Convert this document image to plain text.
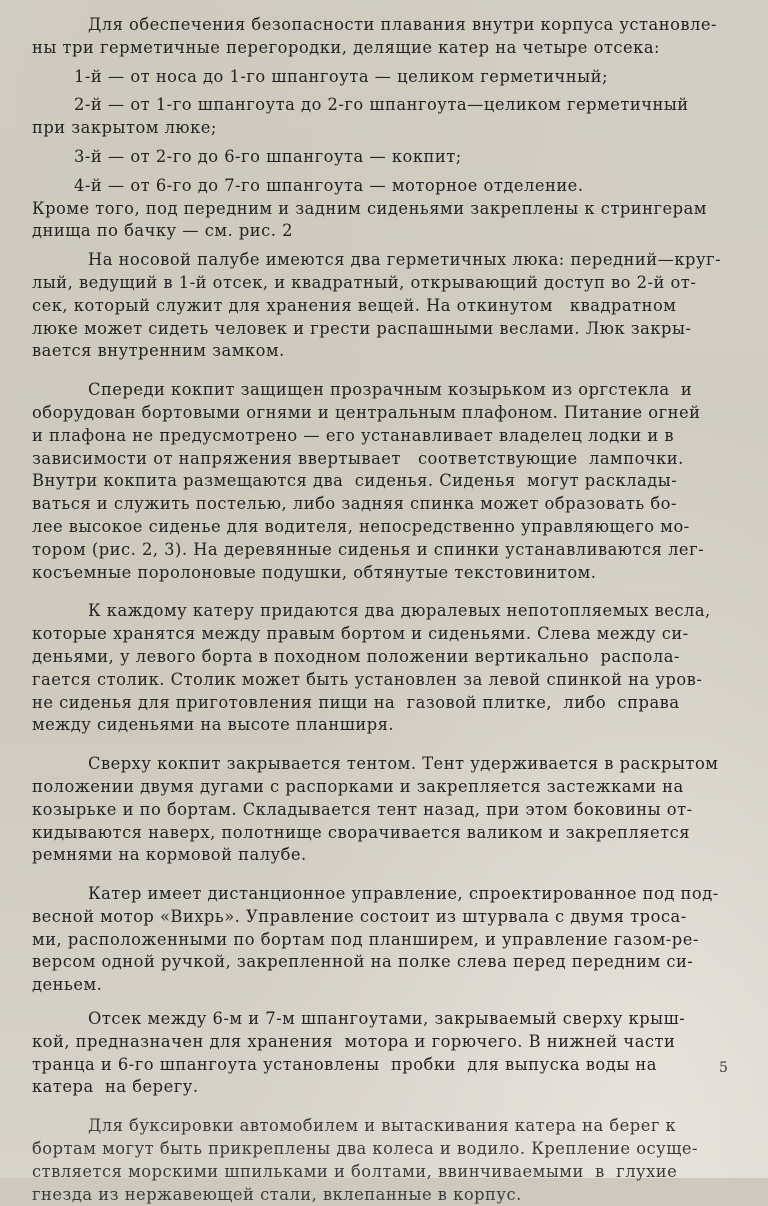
Для обеспечения безопасности плавания внутри корпуса установле-
ны три герметичные перегородки, делящие катер на четыре отсека:
1-й — от носа до 1-го шпангоута — целиком герметичный;
2-й — от 1-го шпангоута до 2-го шпангоута—целиком герметичный
при закрытом люке;
3-й — от 2-го до 6-го шпангоута — кокпит;
4-й — от 6-го до 7-го шпангоута — моторное отделение.
Кроме того, под передним и задним сиденьями закреплены к стрингерам
днища по бачку — см. рис. 2
На носовой палубе имеются два герметичных люка: передний—круг-
лый, ведущий в 1-й отсек, и квадратный, открывающий доступ во 2-й от-
сек, который служит для хранения вещей. На откинутом   квадратном
люке может сидеть человек и грести распашными веслами. Люк закры-
вается внутренним замком.
Спереди кокпит защищен прозрачным козырьком из оргстекла  и
оборудован бортовыми огнями и центральным плафоном. Питание огней
и плафона не предусмотрено — его устанавливает владелец лодки и в
зависимости от напряжения ввертывает   соответствующие  лампочки.
Внутри кокпита размещаются два  сиденья. Сиденья  могут расклады-
ваться и служить постелью, либо задняя спинка может образовать бо-
лее высокое сиденье для водителя, непосредственно управляющего мо-
тором (рис. 2, 3). На деревянные сиденья и спинки устанавливаются лег-
косъемные поролоновые подушки, обтянутые текстовинитом.
К каждому катеру придаются два дюралевых непотопляемых весла,
которые хранятся между правым бортом и сиденьями. Слева между си-
деньями, у левого борта в походном положении вертикально  распола-
гается столик. Столик может быть установлен за левой спинкой на уров-
не сиденья для приготовления пищи на  газовой плитке,  либо  справа
между сиденьями на высоте планширя.
Сверху кокпит закрывается тентом. Тент удерживается в раскрытом
положении двумя дугами с распорками и закрепляется застежками на
козырьке и по бортам. Складывается тент назад, при этом боковины от-
кидываются наверх, полотнище сворачивается валиком и закрепляется
ремнями на кормовой палубе.
Катер имеет дистанционное управление, спроектированное под под-
весной мотор «Вихрь». Управление состоит из штурвала с двумя троса-
ми, расположенными по бортам под планширем, и управление газом-ре-
версом одной ручкой, закрепленной на полке слева перед передним си-
деньем.
Отсек между 6-м и 7-м шпангоутами, закрываемый сверху крыш-
кой, предназначен для хранения  мотора и горючего. В нижней части
транца и 6-го шпангоута установлены  пробки  для выпуска воды на
катера  на берегу.
Для буксировки автомобилем и вытаскивания катера на берег к
бортам могут быть прикреплены два колеса и водило. Крепление осуще-
ствляется морскими шпильками и болтами, ввинчиваемыми  в  глухие
гнезда из нержавеющей стали, вклепанные в корпус.
5
